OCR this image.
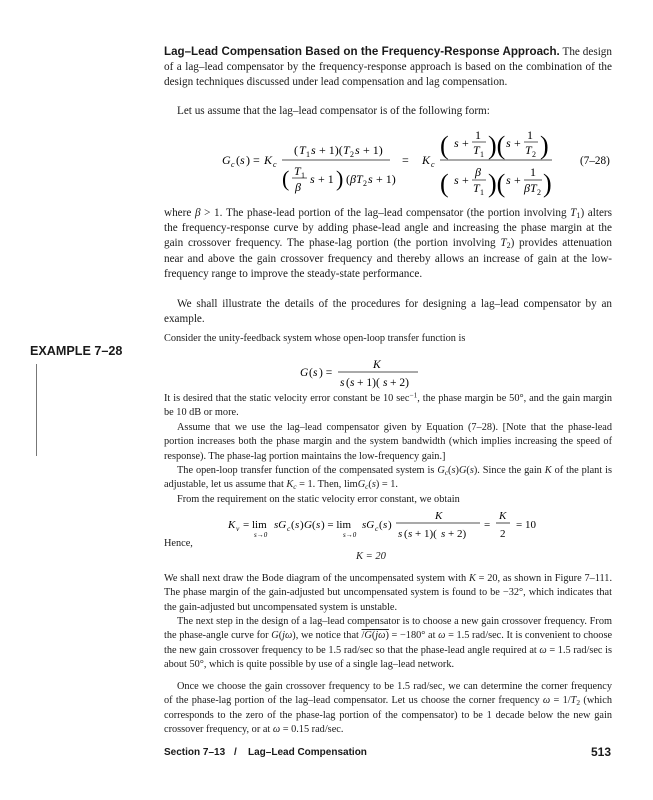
Lag–Lead Compensation Based on the Frequency-Response Approach. The design of a lag–lead compensator by the frequency-response approach is based on the combination of the design techniques discussed under lead compensation and lag compensation.
Let us assume that the lag–lead compensator is of the following form:
G c ( s ) = K c
( T 1 s + 1)( T 2 s + 1)
( T 1
β
s + 1 ) ( βT 2 s + 1)
= K c
( s +
1
T 1 )( s +
1
T 2 )
( s +
β
T 1 )( s +
1
βT 2 )
(7–28)
where β > 1. The phase-lead portion of the lag–lead compensator (the portion involving $T_1$) alters the frequency-response curve by adding phase-lead angle and increasing the phase margin at the gain crossover frequency. The phase-lag portion (the portion involving $T_2$) provides attenuation near and above the gain crossover frequency and thereby allows an increase of gain at the low-frequency range to improve the steady-state performance.
We shall illustrate the details of the procedures for designing a lag–lead compensator by an example.
EXAMPLE 7–28
Consider the unity-feedback system whose open-loop transfer function is
G ( s ) =
K
s ( s + 1)( s + 2)
It is desired that the static velocity error constant be 10 $\sec^{-1}$, the phase margin be 50°, and the gain margin be 10 dB or more.
Assume that we use the lag–lead compensator given by Equation (7–28). [Note that the phase-lead portion increases both the phase margin and the system bandwidth (which implies increasing the speed of response). The phase-lag portion maintains the low-frequency gain.]
The open-loop transfer function of the compensated system is $G_c(s)G(s)$. Since the gain K of the plant is adjustable, let us assume that $K_c = 1$. Then, limG$_c$(s) = 1.
From the requirement on the static velocity error constant, we obtain
K v = lim
s→0
sG c ( s ) G ( s ) = lim
s→0
sG c ( s )
K
s ( s + 1)( s + 2)
=
K
2
= 10
Hence,
K = 20
We shall next draw the Bode diagram of the uncompensated system with K = 20, as shown in Figure 7–111. The phase margin of the gain-adjusted but uncompensated system is found to be −32°, which indicates that the gain-adjusted but uncompensated system is unstable.
The next step in the design of a lag–lead compensator is to choose a new gain crossover frequency. From the phase-angle curve for G(jω), we notice that /G(jω) = −180° at ω = 1.5 rad/sec. It is convenient to choose the new gain crossover frequency to be 1.5 rad/sec so that the phase-lead angle required at ω = 1.5 rad/sec is about 50°, which is quite possible by use of a single lag–lead network.
Once we choose the gain crossover frequency to be 1.5 rad/sec, we can determine the corner frequency of the phase-lag portion of the lag–lead compensator. Let us choose the corner frequency $\omega = 1/T_2$ (which corresponds to the zero of the phase-lag portion of the compensator) to be 1 decade below the new gain crossover frequency, or at ω = 0.15 rad/sec.
Section 7–13 / Lag–Lead Compensation	513
